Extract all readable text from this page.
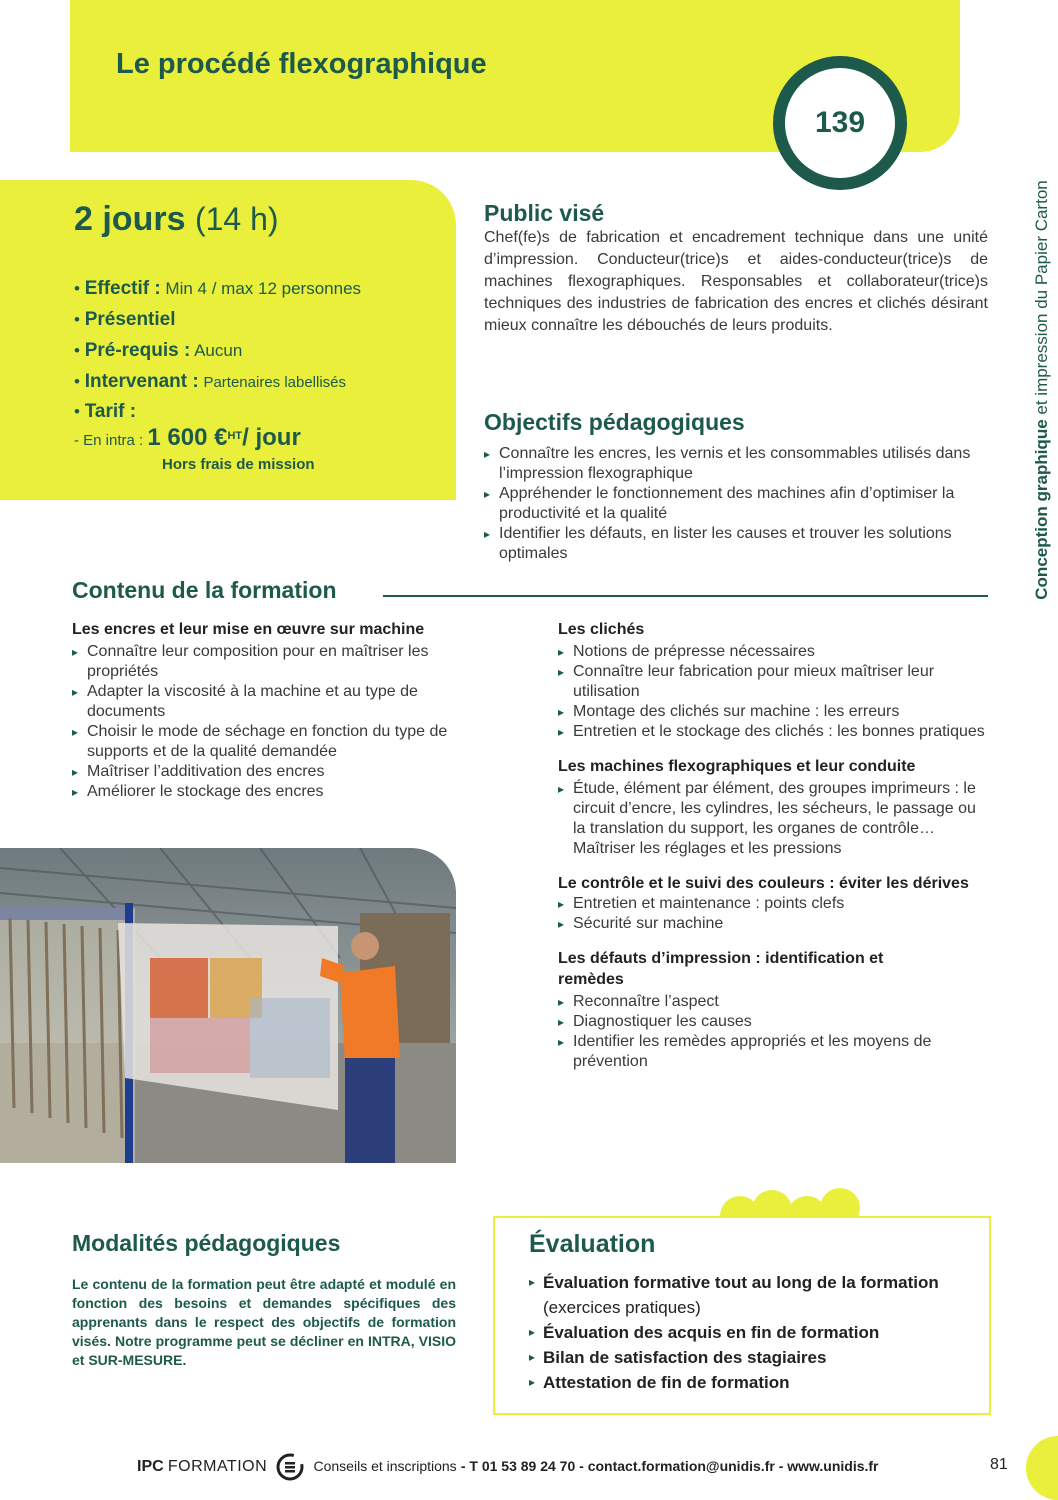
Le procédé flexographique
139
Conception graphique et impression du Papier Carton
2 jours (14 h)
• Effectif : Min 4 / max 12 personnes
• Présentiel
• Pré-requis : Aucun
• Intervenant : Partenaires labellisés
• Tarif :
- En intra : 1 600 €$^{HT}$/ jour
Hors frais de mission
Public visé
Chef(fe)s de fabrication et encadrement technique dans une unité d’impression. Conducteur(trice)s et aides-conducteur(trice)s de machines flexographiques. Responsables et collaborateur(trice)s techniques des industries de fabrication des encres et clichés désirant mieux connaître les débouchés de leurs produits.
Objectifs pédagogiques
▸ Connaître les encres, les vernis et les consommables utilisés dans l’impression flexographique
▸ Appréhender le fonctionnement des machines afin d’optimiser la productivité et la qualité
▸ Identifier les défauts, en lister les causes et trouver les solutions optimales
Contenu de la formation
Les encres et leur mise en œuvre sur machine
▸ Connaître leur composition pour en maîtriser les propriétés
▸ Adapter la viscosité à la machine et au type de documents
▸ Choisir le mode de séchage en fonction du type de supports et de la qualité demandée
▸ Maîtriser l’additivation des encres
▸ Améliorer le stockage des encres
Les clichés
▸ Notions de prépresse nécessaires
▸ Connaître leur fabrication pour mieux maîtriser leur utilisation
▸ Montage des clichés sur machine : les erreurs
▸ Entretien et le stockage des clichés : les bonnes pratiques
Les machines flexographiques et leur conduite
▸ Étude, élément par élément, des groupes imprimeurs : le circuit d’encre, les cylindres, les sécheurs, le passage ou la translation du support, les organes de contrôle… Maîtriser les réglages et les pressions
Le contrôle et le suivi des couleurs : éviter les dérives
▸ Entretien et maintenance : points clefs
▸ Sécurité sur machine
Les défauts d’impression : identification et remèdes
▸ Reconnaître l’aspect
▸ Diagnostiquer les causes
▸ Identifier les remèdes appropriés et les moyens de prévention
Modalités pédagogiques
Le contenu de la formation peut être adapté et modulé en fonction des besoins et demandes spécifiques des apprenants dans le respect des objectifs de formation visés. Notre programme peut se décliner en INTRA, VISIO et SUR-MESURE.
Évaluation
▸ Évaluation formative tout au long de la formation
(exercices pratiques)
▸ Évaluation des acquis en fin de formation
▸ Bilan de satisfaction des stagiaires
▸ Attestation de fin de formation
IPC FORMATION	Conseils et inscriptions - T 01 53 89 24 70 - contact.formation@unidis.fr - www.unidis.fr	81
